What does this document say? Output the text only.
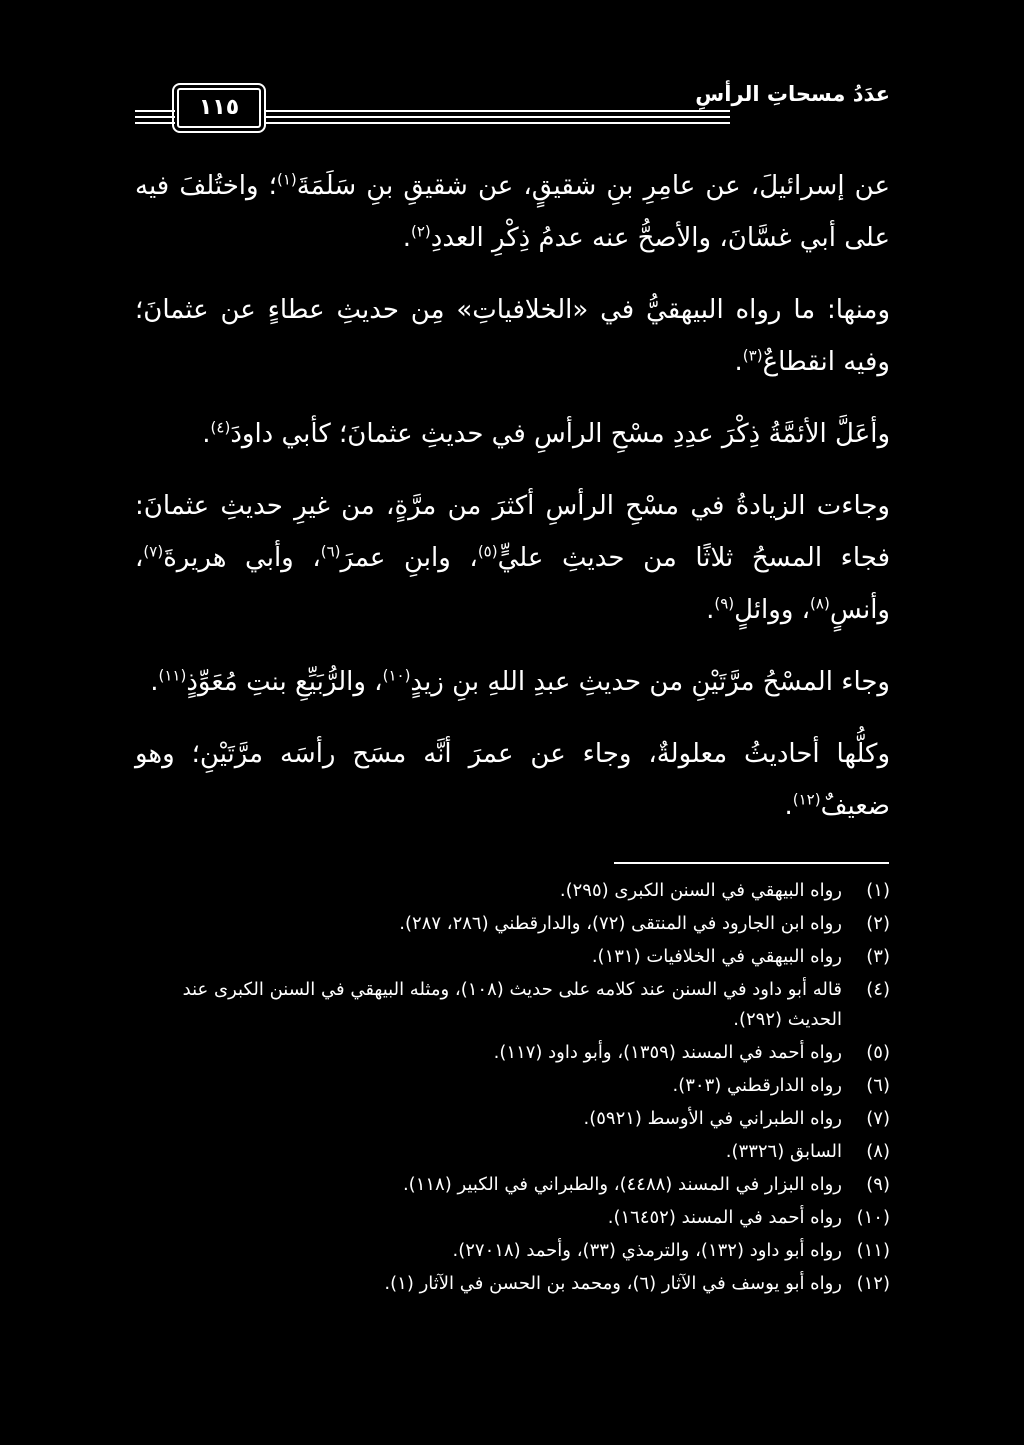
عدَدُ مسحاتِ الرأسِ
١١٥

عن إسرائيلَ، عن عامِرِ بنِ شقيقٍ، عن شقيقِ بنِ سَلَمَةَ$^{(١)}$؛ واختُلفَ فيه على أبي غسَّانَ، والأصحُّ عنه عدمُ ذِكْرِ العددِ$^{(٢)}$.

ومنها: ما رواه البيهقيُّ في «الخلافياتِ» مِن حديثِ عطاءٍ عن عثمانَ؛ وفيه انقطاعٌ$^{(٣)}$.

وأعَلَّ الأئمَّةُ ذِكْرَ عدِدِ مسْحِ الرأسِ في حديثِ عثمانَ؛ كأبي داودَ$^{(٤)}$.

وجاءت الزيادةُ في مسْحِ الرأسِ أكثرَ من مرَّةٍ، من غيرِ حديثِ عثمانَ: فجاء المسحُ ثلاثًا من حديثِ عليٍّ$^{(٥)}$، وابنِ عمرَ$^{(٦)}$، وأبي هريرةَ$^{(٧)}$، وأنسٍ$^{(٨)}$، ووائلٍ$^{(٩)}$.

وجاء المسْحُ مرَّتَيْنِ من حديثِ عبدِ اللهِ بنِ زيدٍ$^{(١٠)}$، والرُّبَيِّعِ بنتِ مُعَوِّذٍ$^{(١١)}$.

وكلُّها أحاديثُ معلولةٌ، وجاء عن عمرَ أنَّه مسَح رأسَه مرَّتَيْنِ؛ وهو ضعيفٌ$^{(١٢)}$.

(١)
رواه البيهقي في السنن الكبرى (٢٩٥).
(٢)
رواه ابن الجارود في المنتقى (٧٢)، والدارقطني (٢٨٦، ٢٨٧).
(٣)
رواه البيهقي في الخلافيات (١٣١).
(٤)
قاله أبو داود في السنن عند كلامه على حديث (١٠٨)، ومثله البيهقي في السنن الكبرى عند الحديث (٢٩٢).
(٥)
رواه أحمد في المسند (١٣٥٩)، وأبو داود (١١٧).
(٦)
رواه الدارقطني (٣٠٣).
(٧)
رواه الطبراني في الأوسط (٥٩٢١).
(٨)
السابق (٣٣٢٦).
(٩)
رواه البزار في المسند (٤٤٨٨)، والطبراني في الكبير (١١٨).
(١٠)
رواه أحمد في المسند (١٦٤٥٢).
(١١)
رواه أبو داود (١٣٢)، والترمذي (٣٣)، وأحمد (٢٧٠١٨).
(١٢)
رواه أبو يوسف في الآثار (٦)، ومحمد بن الحسن في الآثار (١).
